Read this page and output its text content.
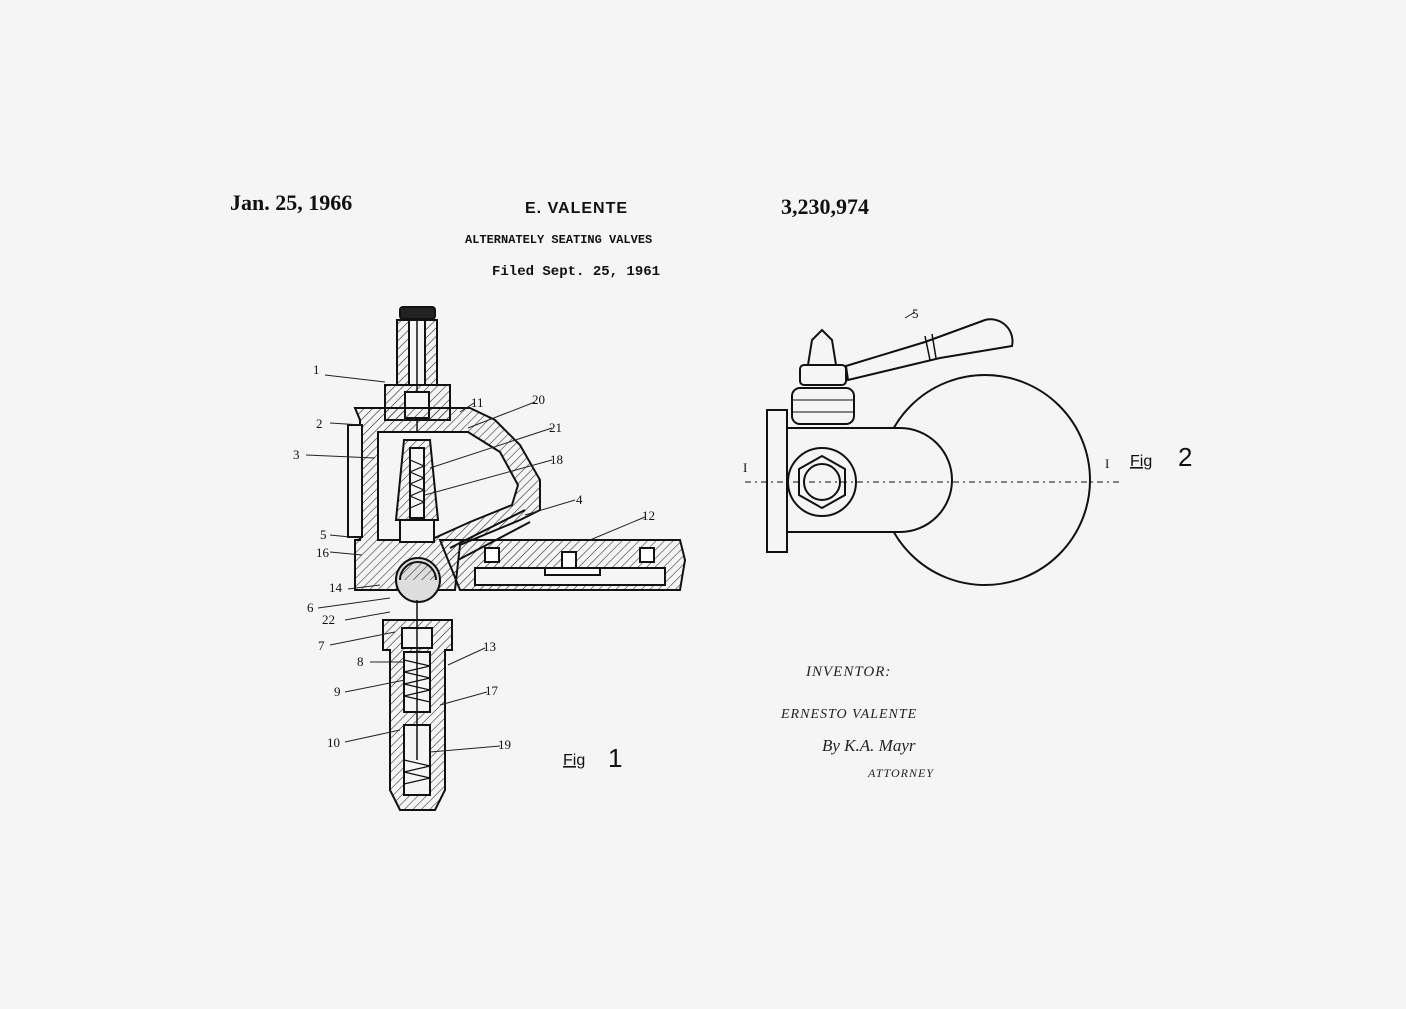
Jan. 25, 1966	E. VALENTE	3,230,974
ALTERNATELY SEATING VALVES
Filed Sept. 25, 1961
1
2
3
5
16
14
6
22
7
8
9
10
11	20
21
18
4
12
13
17
19
Fig 1
5
I	I Fig 2
INVENTOR:
ERNESTO VALENTE
By K.A. Mayr
ATTORNEY
